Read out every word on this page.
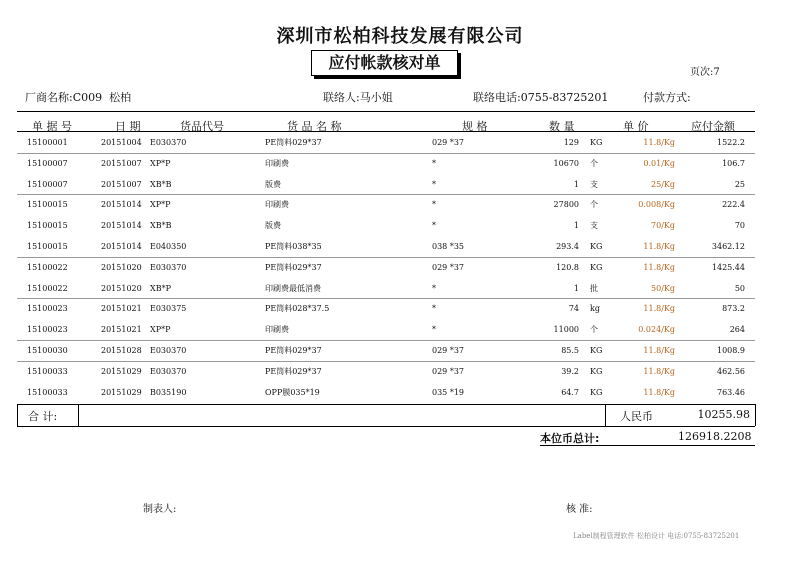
深圳市松柏科技发展有限公司
应付帐款核对单
页次:7
厂商名称:C009 松柏	联络人:马小姐	联络电话:0755-83725201	付款方式:
单 据 号	日 期	货品代号	货 品 名 称	规 格	数 量	单 价	应付金额
15100001	20151004 E030370	PE筒料029*37	029 *37	129 KG	11.8/Kg	1522.2
15100007	20151007 XP*P	印刷费	*	10670 个	0.01/Kg	106.7
15100007	20151007 XB*B	版费	*	1 支	25/Kg	25
15100015	20151014 XP*P	印刷费	*	27800 个	0.008/Kg	222.4
15100015	20151014 XB*B	版费	*	1 支	70/Kg	70
15100015	20151014 E040350	PE筒料038*35	038 *35	293.4 KG	11.8/Kg	3462.12
15100022	20151020 E030370	PE筒料029*37	029 *37	120.8 KG	11.8/Kg	1425.44
15100022	20151020 XB*P	印刷费最低消费	*	1 批	50/Kg	50
15100023	20151021 E030375	PE筒料028*37.5	*	74 kg	11.8/Kg	873.2
15100023	20151021 XP*P	印刷费	*	11000 个	0.024/Kg	264
15100030	20151028 E030370	PE筒料029*37	029 *37	85.5 KG	11.8/Kg	1008.9
15100033	20151029 E030370	PE筒料029*37	029 *37	39.2 KG	11.8/Kg	462.56
15100033	20151029 B035190	OPP膜035*19	035 *19	64.7 KG	11.8/Kg	763.46
合 计:	人民币	10255.98
本位币总计:	126918.2208
制表人:	核 准:
Label制程管理软件 松柏设计 电话:0755-83725201
